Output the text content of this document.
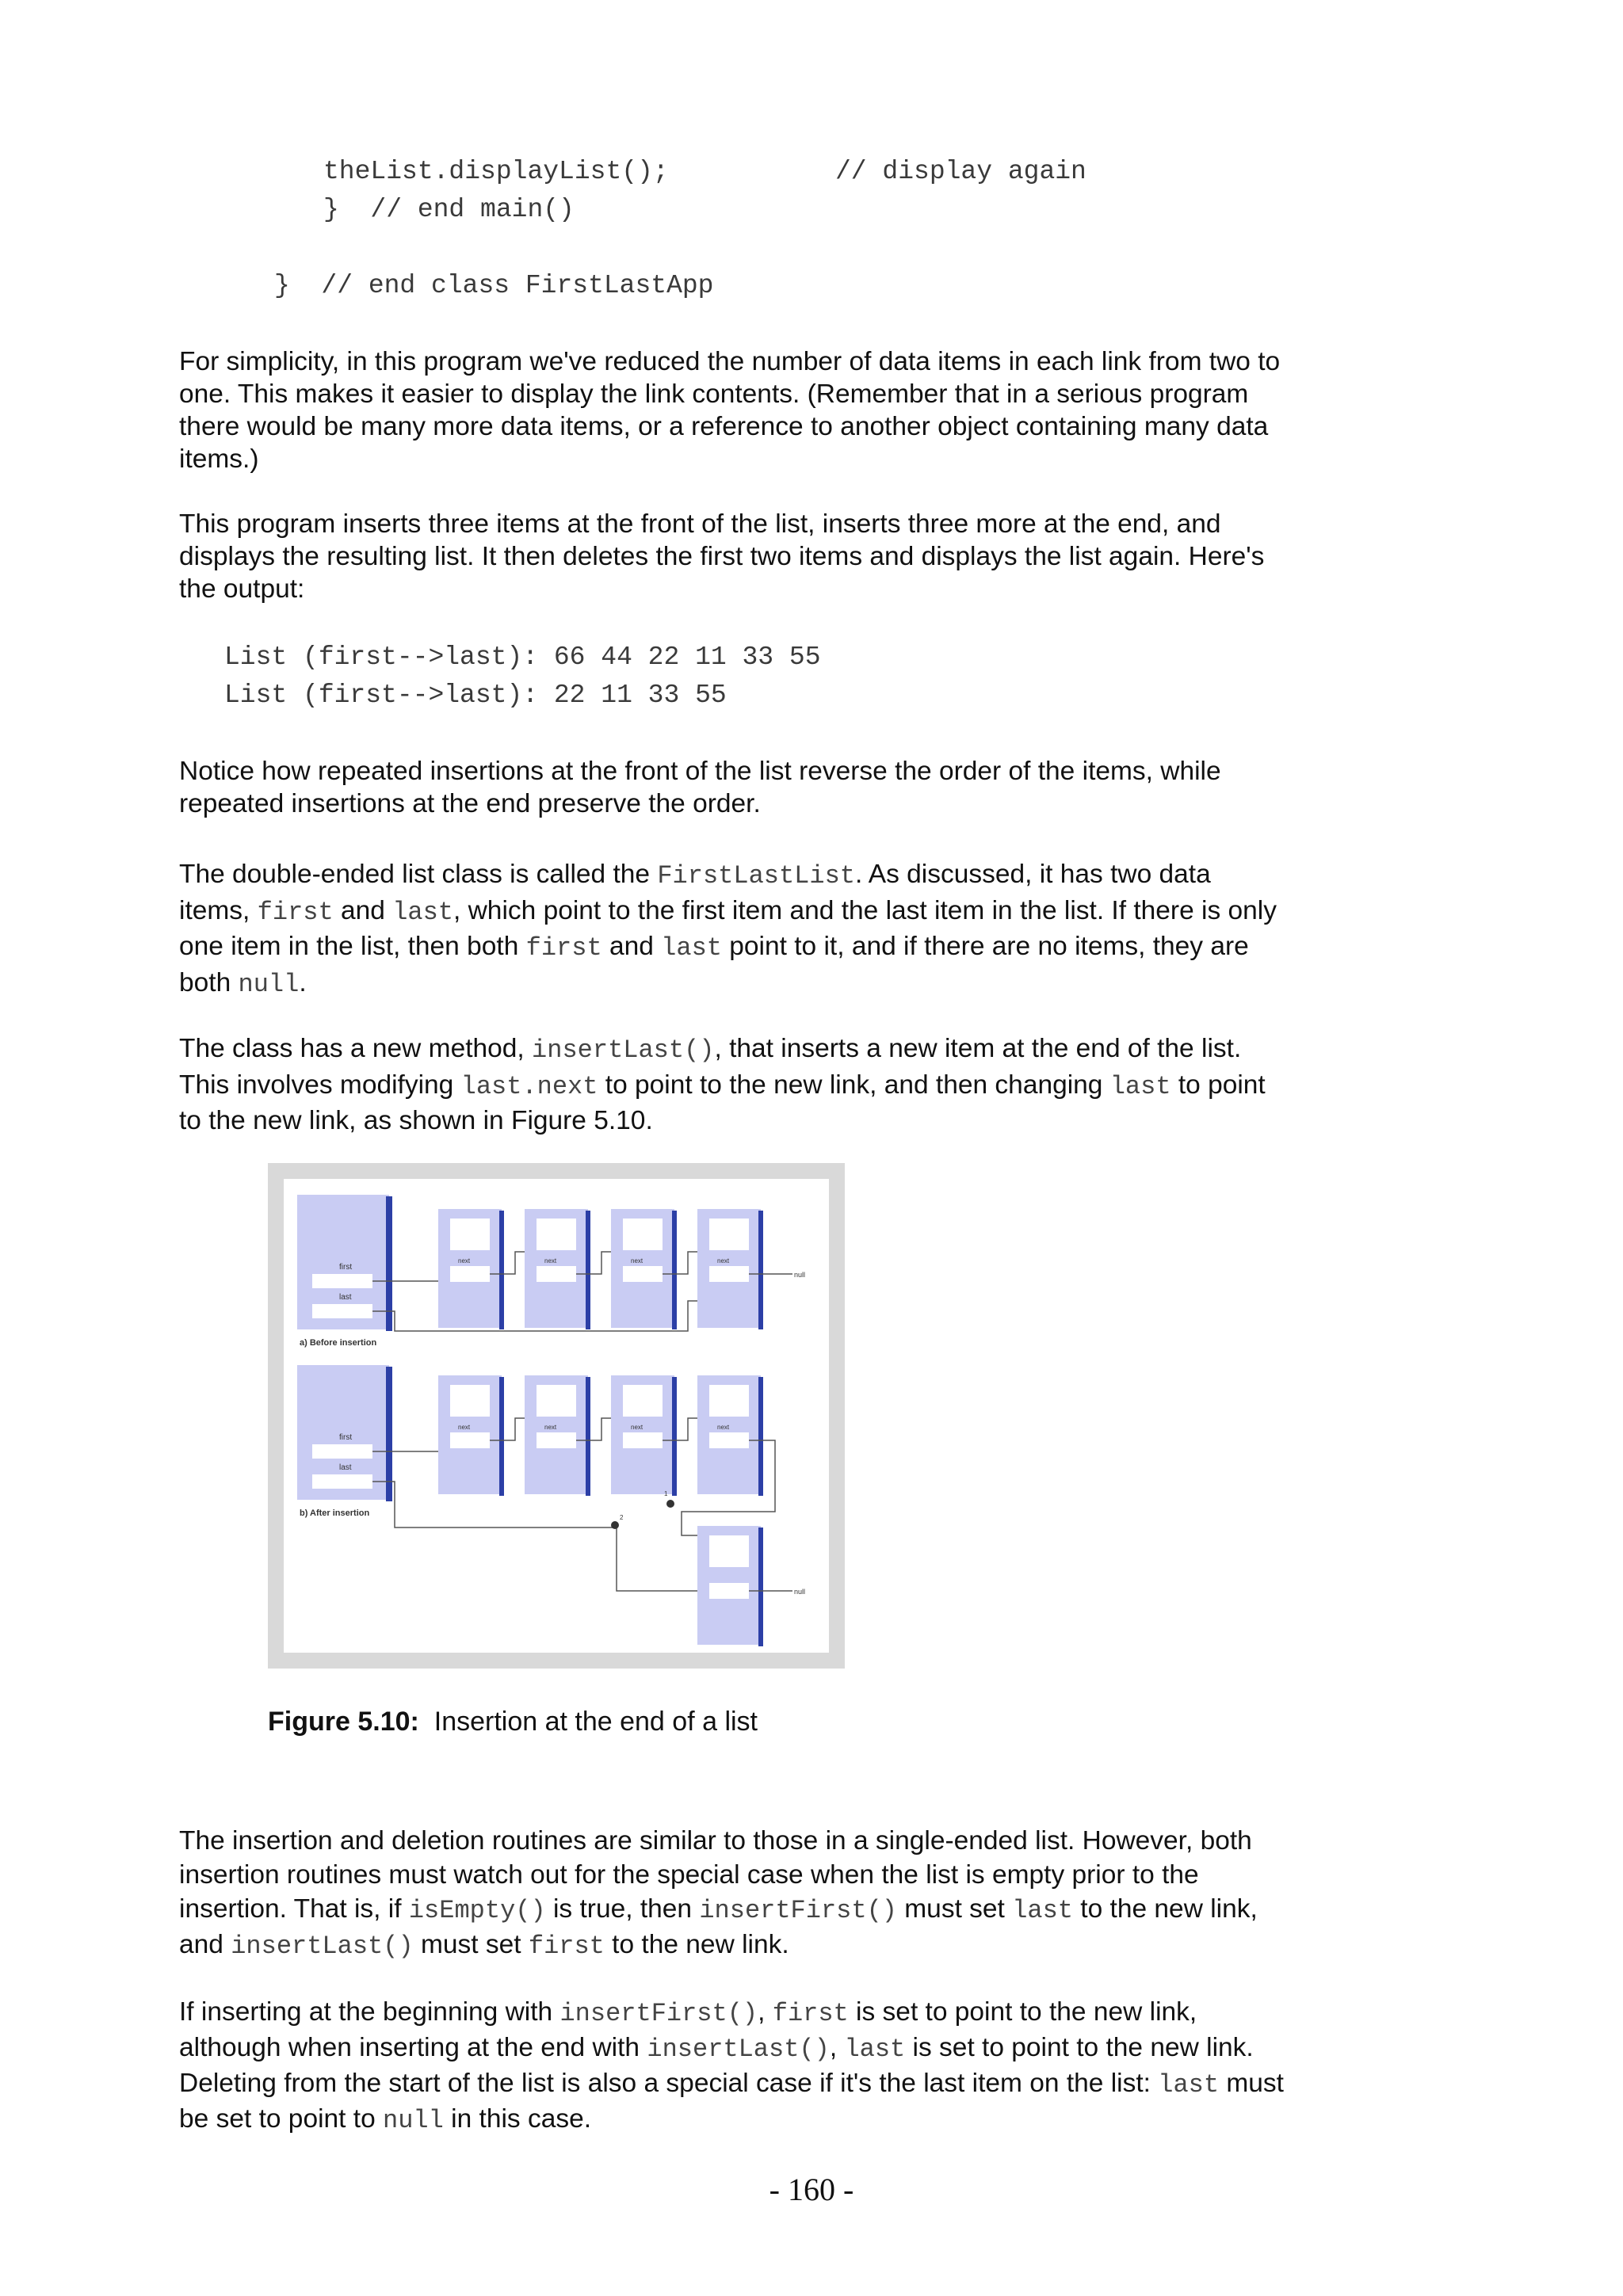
theList.displayList();	// display again
}  // end main()
}  // end class FirstLastApp

For simplicity, in this program we've reduced the number of data items in each link from two to one. This makes it easier to display the link contents. (Remember that in a serious program there would be many more data items, or a reference to another object containing many data items.)

This program inserts three items at the front of the list, inserts three more at the end, and displays the resulting list. It then deletes the first two items and displays the list again. Here's the output:

List (first-->last): 66 44 22 11 33 55
List (first-->last): 22 11 33 55

Notice how repeated insertions at the front of the list reverse the order of the items, while repeated insertions at the end preserve the order.

The double-ended list class is called the FirstLastList. As discussed, it has two data items, first and last, which point to the first item and the last item in the list. If there is only one item in the list, then both first and last point to it, and if there are no items, they are both null.

The class has a new method, insertLast(), that inserts a new item at the end of the list. This involves modifying last.next to point to the new link, and then changing last to point to the new link, as shown in Figure 5.10.

first
last
next	next	next	next
null
a) Before insertion
first
last
next	next	next	next
1
2
null
b) After insertion
Figure 5.10: Insertion at the end of a list

The insertion and deletion routines are similar to those in a single-ended list. However, both insertion routines must watch out for the special case when the list is empty prior to the insertion. That is, if isEmpty() is true, then insertFirst() must set last to the new link, and insertLast() must set first to the new link.

If inserting at the beginning with insertFirst(), first is set to point to the new link, although when inserting at the end with insertLast(), last is set to point to the new link. Deleting from the start of the list is also a special case if it's the last item on the list: last must be set to point to null in this case.

- 160 -
